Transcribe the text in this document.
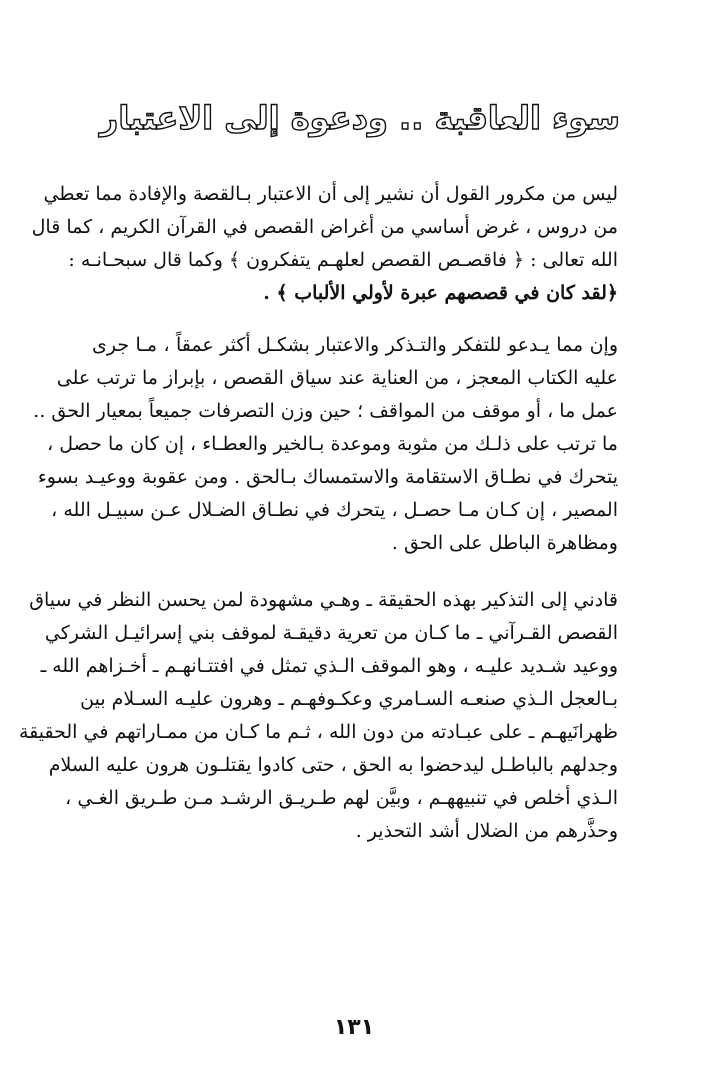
سوء العاقبة .. ودعوة إلى الاعتبار
ليس من مكرور القول أن نشير إلى أن الاعتبار بـالقصة والإفادة مما تعطي
من دروس ، غرض أساسي من أغراض القصص في القرآن الكريم ، كما قال
الله تعالى : ﴿ فاقصـص القصص لعلهـم يتفكرون ﴾ وكما قال سبحـانـه :
﴿لقد كان في قصصهم عبرة لأولي الألباب ﴾ .
وإن مما يـدعو للتفكر والتـذكر والاعتبار بشكـل أكثر عمقاً ، مـا جرى
عليه الكتاب المعجز ، من العناية عند سياق القصص ، بإبراز ما ترتب على
عمل ما ، أو موقف من المواقف ؛ حين وزن التصرفات جميعاً بمعيار الحق ..
ما ترتب على ذلـك من مثوبة وموعدة بـالخير والعطـاء ، إن كان ما حصل ،
يتحرك في نطـاق الاستقامة والاستمساك بـالحق . ومن عقوبة ووعيـد بسوء
المصير ، إن كـان مـا حصـل ، يتحرك في نطـاق الضـلال عـن سبيـل الله ،
ومظاهرة الباطل على الحق .
قادني إلى التذكير بهذه الحقيقة ـ وهـي مشهودة لمن يحسن النظر في سياق
القصص القـرآني ـ ما كـان من تعرية دقيقـة لموقف بني إسرائيـل الشركي
ووعيد شـديد عليـه ، وهو الموقف الـذي تمثل في افتتـانهـم ـ أخـزاهم الله ـ
بـالعجل الـذي صنعـه السـامري وعكـوفهـم ـ وهرون عليـه السـلام بين
ظهرانَيهـم ـ على عبـادته من دون الله ، ثـم ما كـان من ممـاراتهم في الحقيقة
وجدلهم بالباطـل ليدحضوا به الحق ، حتى كادوا يقتلـون هرون عليه السلام
الـذي أخلص في تنبيههـم ، وبيَّن لهم طـريـق الرشـد مـن طـريق الغـي ،
وحذَّرهم من الضلال أشد التحذير .
١٣١
